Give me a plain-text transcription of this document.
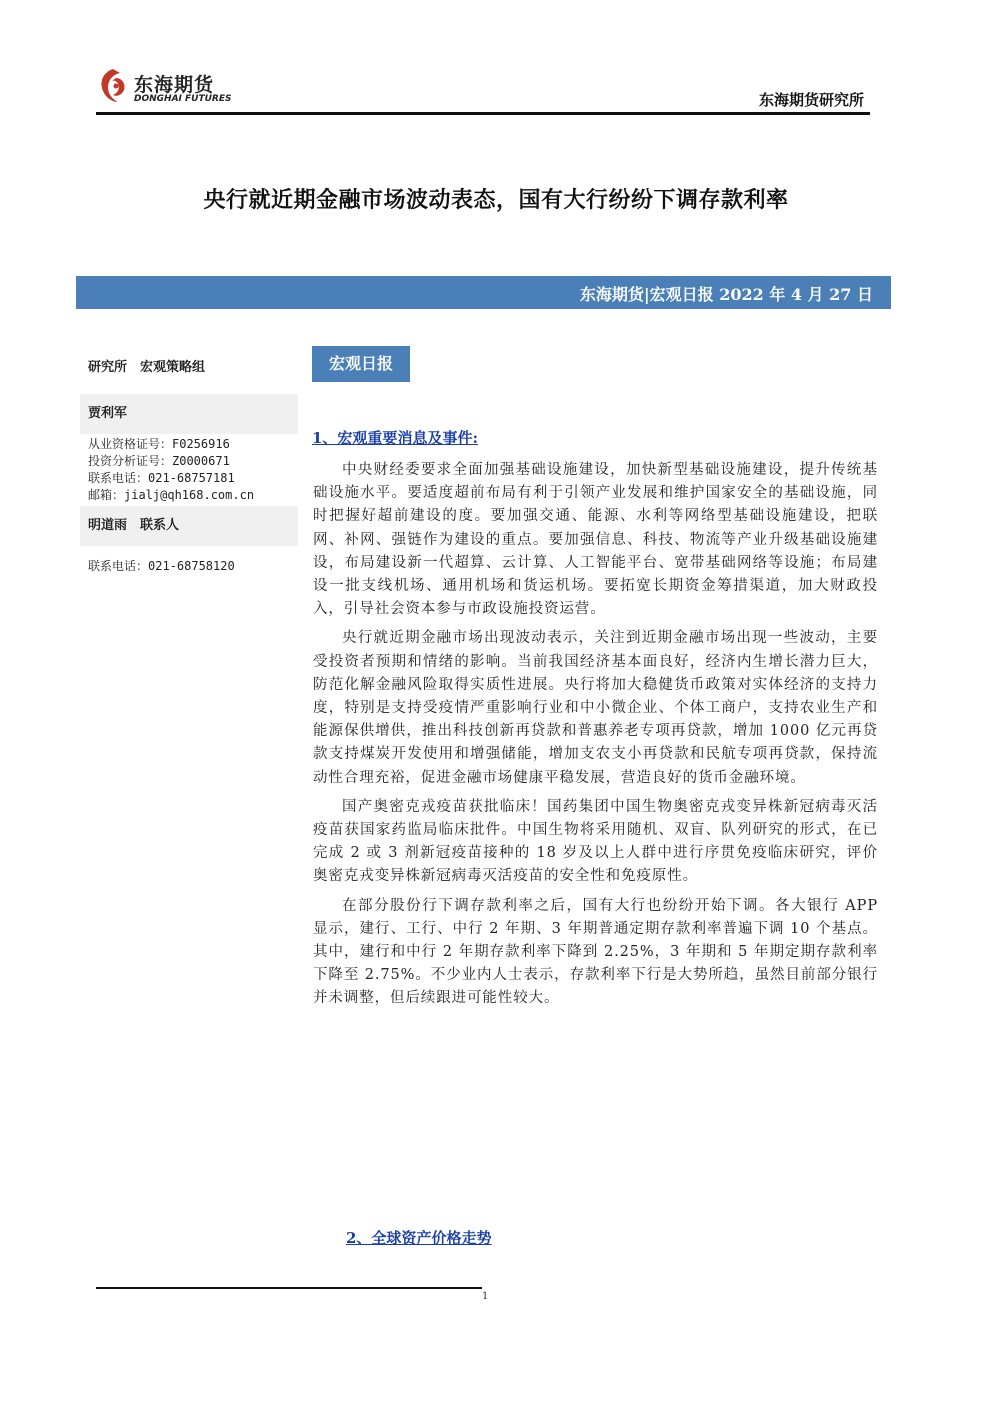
东海期货
DONGHAI FUTURES	东海期货研究所
央行就近期金融市场波动表态，国有大行纷纷下调存款利率
东海期货|宏观日报 2022 年 4 月 27 日
研究所　宏观策略组
贾利军
从业资格证号：F0256916
投资分析证号：Z0000671
联系电话：021-68757181
邮箱：jialj@qh168.com.cn
明道雨　联系人
联系电话：021-68758120
宏观日报
1、宏观重要消息及事件:

中央财经委要求全面加强基础设施建设，加快新型基础设施建设，提升传统基础设施水平。要适度超前布局有利于引领产业发展和维护国家安全的基础设施，同时把握好超前建设的度。要加强交通、能源、水利等网络型基础设施建设，把联网、补网、强链作为建设的重点。要加强信息、科技、物流等产业升级基础设施建设，布局建设新一代超算、云计算、人工智能平台、宽带基础网络等设施；布局建设一批支线机场、通用机场和货运机场。要拓宽长期资金筹措渠道，加大财政投入，引导社会资本参与市政设施投资运营。

央行就近期金融市场出现波动表示，关注到近期金融市场出现一些波动，主要受投资者预期和情绪的影响。当前我国经济基本面良好，经济内生增长潜力巨大，防范化解金融风险取得实质性进展。央行将加大稳健货币政策对实体经济的支持力度，特别是支持受疫情严重影响行业和中小微企业、个体工商户，支持农业生产和能源保供增供，推出科技创新再贷款和普惠养老专项再贷款，增加 1000 亿元再贷款支持煤炭开发使用和增强储能，增加支农支小再贷款和民航专项再贷款，保持流动性合理充裕，促进金融市场健康平稳发展，营造良好的货币金融环境。

国产奥密克戎疫苗获批临床！国药集团中国生物奥密克戎变异株新冠病毒灭活疫苗获国家药监局临床批件。中国生物将采用随机、双盲、队列研究的形式，在已完成 2 或 3 剂新冠疫苗接种的 18 岁及以上人群中进行序贯免疫临床研究，评价奥密克戎变异株新冠病毒灭活疫苗的安全性和免疫原性。

在部分股份行下调存款利率之后，国有大行也纷纷开始下调。各大银行 APP 显示，建行、工行、中行 2 年期、3 年期普通定期存款利率普遍下调 10 个基点。其中，建行和中行 2 年期存款利率下降到 2.25%，3 年期和 5 年期定期存款利率下降至 2.75%。不少业内人士表示，存款利率下行是大势所趋，虽然目前部分银行并未调整，但后续跟进可能性较大。

2、全球资产价格走势
1
